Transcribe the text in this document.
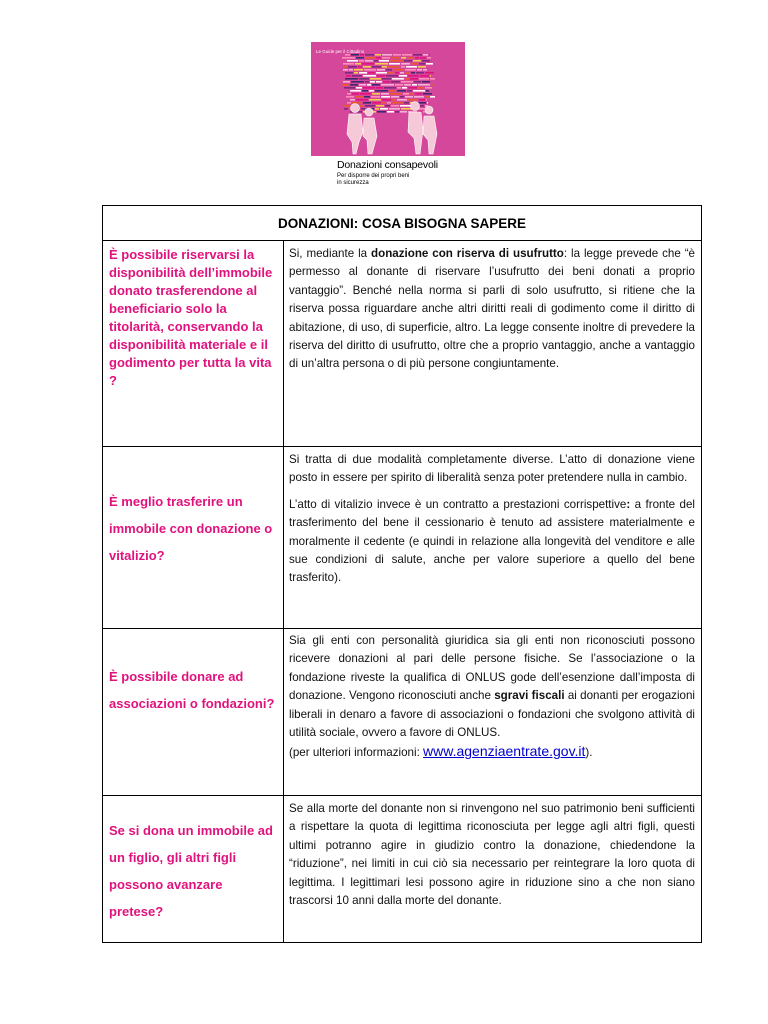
Le Guide per il Cittadino
Donazioni consapevoli
Per disporre dei propri beni
in sicurezza
DONAZIONI: COSA BISOGNA SAPERE
È possibile riservarsi la disponibilità dell’immobile donato trasferendone al beneficiario solo la titolarità, conservando la disponibilità materiale e il godimento per tutta la vita ?

Si, mediante la donazione con riserva di usufrutto: la legge prevede che “è permesso al donante di riservare l’usufrutto dei beni donati a proprio vantaggio”. Benché nella norma si parli di solo usufrutto, si ritiene che la riserva possa riguardare anche altri diritti reali di godimento come il diritto di abitazione, di uso, di superficie, altro. La legge consente inoltre di prevedere la riserva del diritto di usufrutto, oltre che a proprio vantaggio, anche a vantaggio di un’altra persona o di più persone congiuntamente.

È meglio trasferire un immobile con donazione o vitalizio?

Si tratta di due modalità completamente diverse. L’atto di donazione viene posto in essere per spirito di liberalità senza poter pretendere nulla in cambio.

L’atto di vitalizio invece è un contratto a prestazioni corrispettive: a fronte del trasferimento del bene il cessionario è tenuto ad assistere materialmente e moralmente il cedente (e quindi in relazione alla longevità del venditore e alle sue condizioni di salute, anche per valore superiore a quello del bene trasferito).

È possibile donare ad associazioni o fondazioni?

Sia gli enti con personalità giuridica sia gli enti non riconosciuti possono ricevere donazioni al pari delle persone fisiche. Se l’associazione o la fondazione riveste la qualifica di ONLUS gode dell’esenzione dall’imposta di donazione. Vengono riconosciuti anche sgravi fiscali ai donanti per erogazioni liberali in denaro a favore di associazioni o fondazioni che svolgono attività di utilità sociale, ovvero a favore di ONLUS.

(per ulteriori informazioni: www.agenziaentrate.gov.it).

Se si dona un immobile ad un figlio, gli altri figli possono avanzare pretese?

Se alla morte del donante non si rinvengono nel suo patrimonio beni sufficienti a rispettare la quota di legittima riconosciuta per legge agli altri figli, questi ultimi potranno agire in giudizio contro la donazione, chiedendone la “riduzione”, nei limiti in cui ciò sia necessario per reintegrare la loro quota di legittima. I legittimari lesi possono agire in riduzione sino a che non siano trascorsi 10 anni dalla morte del donante.
